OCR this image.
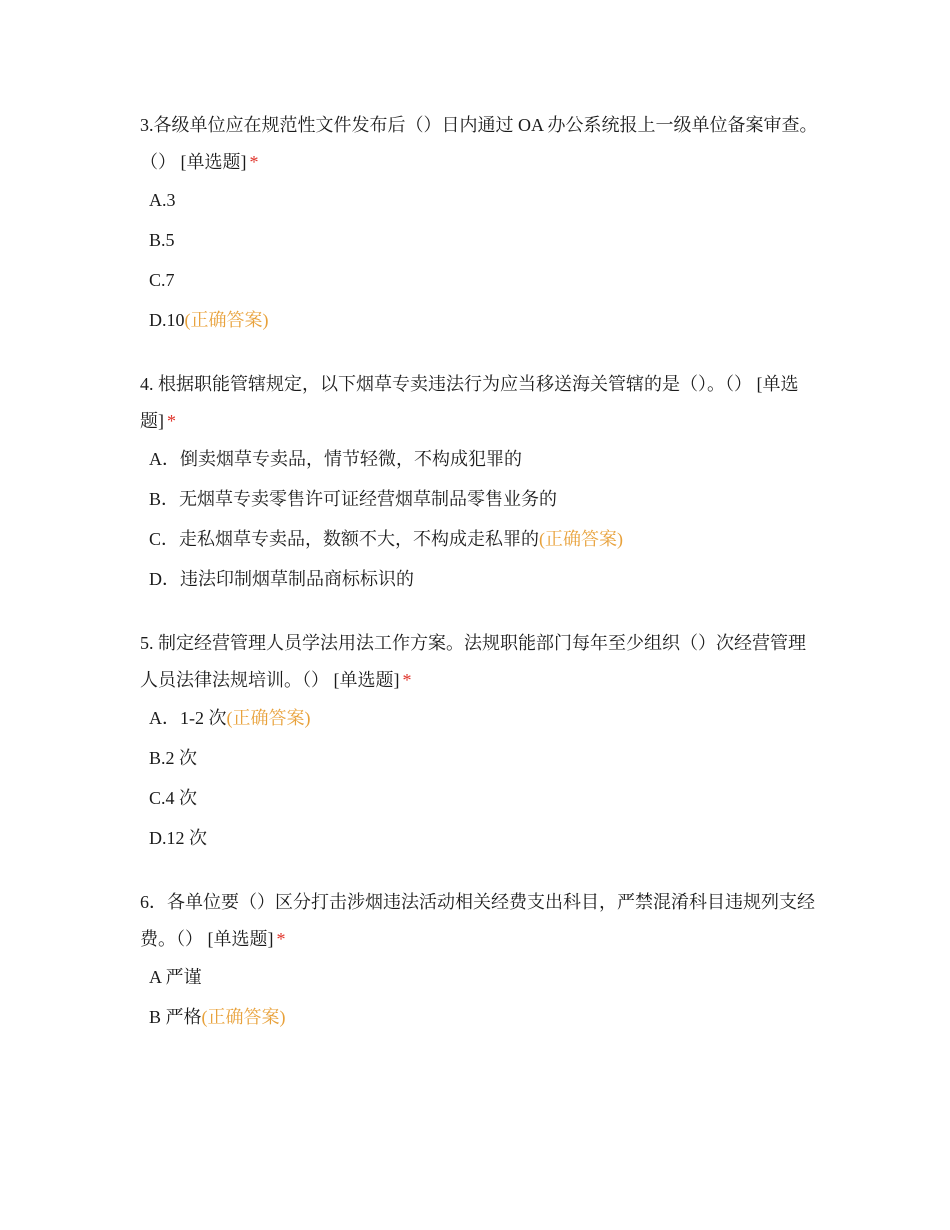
3.各级单位应在规范性文件发布后（）日内通过 OA 办公系统报上一级单位备案审查。（） [单选题] *
A.3
B.5
C.7
D.10(正确答案)
4. 根据职能管辖规定，以下烟草专卖违法行为应当移送海关管辖的是（）。（） [单选题] *
A．倒卖烟草专卖品，情节轻微，不构成犯罪的
B．无烟草专卖零售许可证经营烟草制品零售业务的
C．走私烟草专卖品，数额不大，不构成走私罪的(正确答案)
D．违法印制烟草制品商标标识的
5. 制定经营管理人员学法用法工作方案。法规职能部门每年至少组织（）次经营管理人员法律法规培训。（） [单选题] *
A．1-2 次(正确答案)
B.2 次
C.4 次
D.12 次
6．各单位要（）区分打击涉烟违法活动相关经费支出科目，严禁混淆科目违规列支经费。（） [单选题] *
A 严谨
B 严格(正确答案)
